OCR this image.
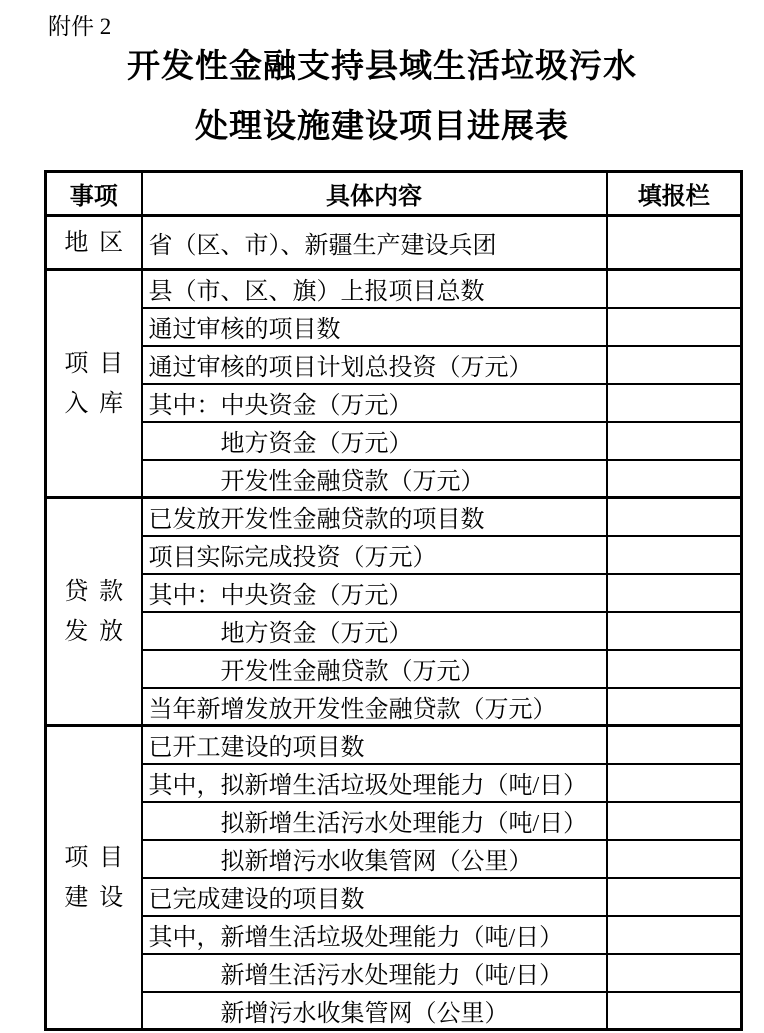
附件 2
开发性金融支持县域生活垃圾污水
处理设施建设项目进展表
事项	具体内容	填报栏

地区	省（区、市）、新疆生产建设兵团	

项目
入库	县（市、区、旗）上报项目总数	
	通过审核的项目数	
	通过审核的项目计划总投资（万元）	
	其中：中央资金（万元）	
	地方资金（万元）	
	开发性金融贷款（万元）	

贷款
发放	已发放开发性金融贷款的项目数	
	项目实际完成投资（万元）	
	其中：中央资金（万元）	
	地方资金（万元）	
	开发性金融贷款（万元）	
	当年新增发放开发性金融贷款（万元）	

项目
建设	已开工建设的项目数	
	其中，拟新增生活垃圾处理能力（吨/日）	
	拟新增生活污水处理能力（吨/日）	
	拟新增污水收集管网（公里）	
	已完成建设的项目数	
	其中，新增生活垃圾处理能力（吨/日）	
	新增生活污水处理能力（吨/日）	
	新增污水收集管网（公里）	
